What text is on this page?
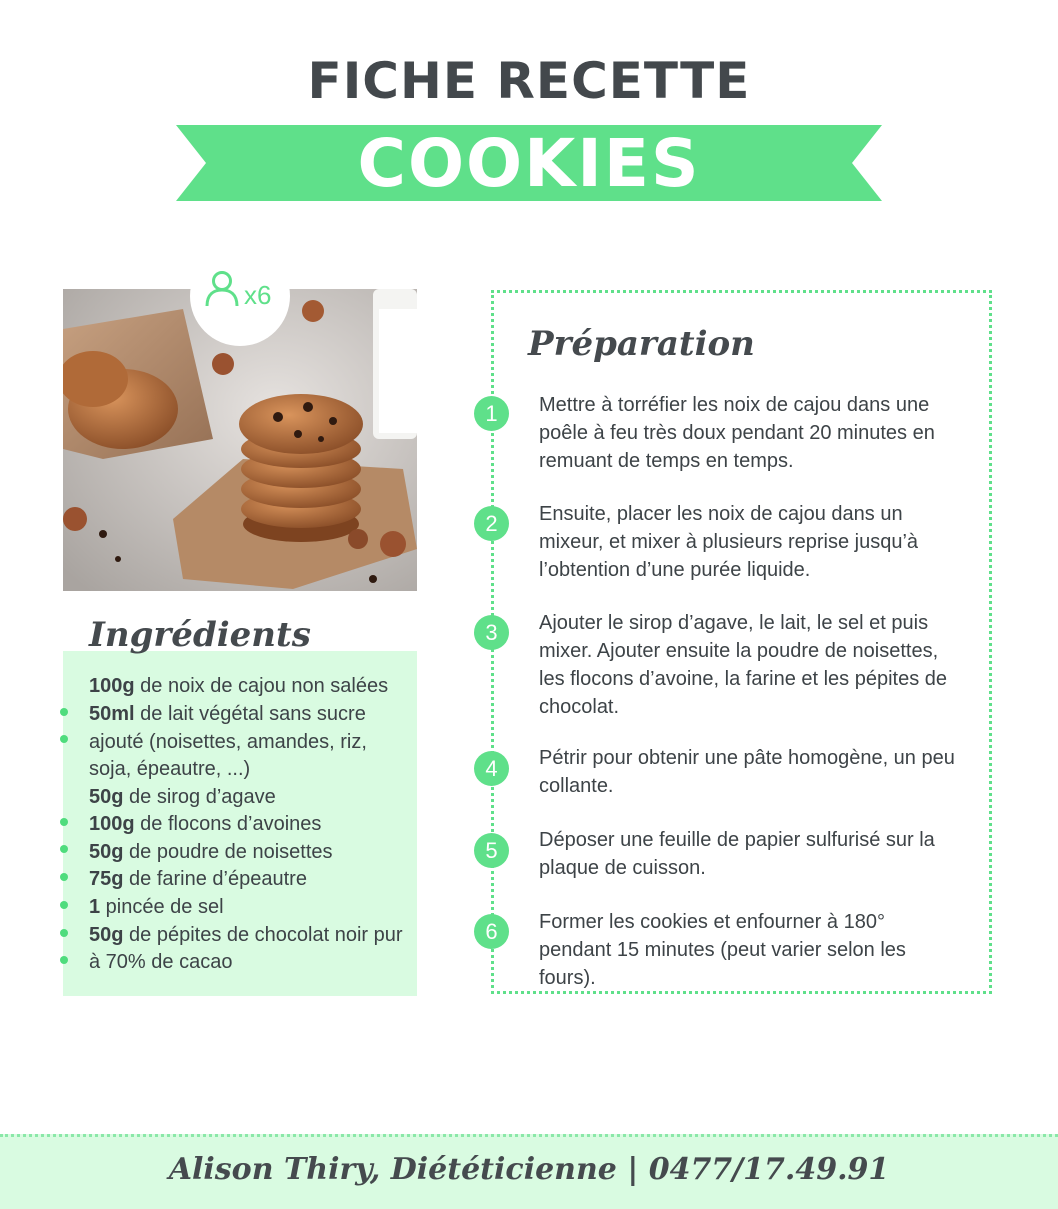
FICHE RECETTE
COOKIES
x6
Ingrédients
100g de noix de cajou non salées
50ml de lait végétal sans sucre
ajouté (noisettes, amandes, riz,
soja, épeautre, ...)
50g de sirog d’agave
100g de flocons d’avoines
50g de poudre de noisettes
75g de farine d’épeautre
1 pincée de sel
50g de pépites de chocolat noir pur
à 70% de cacao
Préparation
1	Mettre à torréfier les noix de cajou dans une poêle à feu très doux pendant 20 minutes en remuant de temps en temps.
2	Ensuite, placer les noix de cajou dans un mixeur, et mixer à plusieurs reprise jusqu’à l’obtention d’une purée liquide.
3	Ajouter le sirop d’agave, le lait, le sel et puis mixer. Ajouter ensuite la poudre de noisettes, les flocons d’avoine, la farine et les pépites de chocolat.
4	Pétrir pour obtenir une pâte homogène, un peu collante.
5	Déposer une feuille de papier sulfurisé sur la plaque de cuisson.
6	Former les cookies et enfourner à 180° pendant 15 minutes (peut varier selon les fours).
Alison Thiry, Diététicienne | 0477/17.49.91
